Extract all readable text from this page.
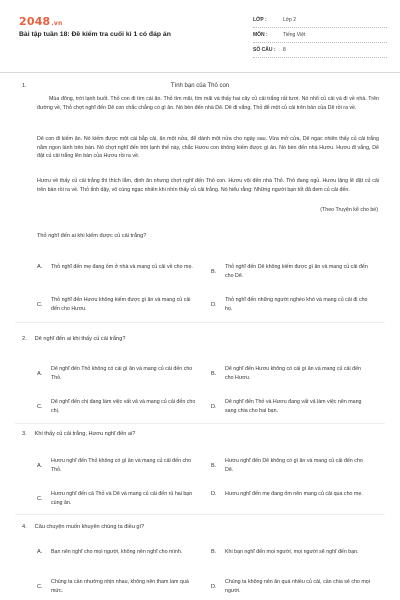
2048.vn
Bài tập tuần 18: Đề kiểm tra cuối kì 1 có đáp án
LỚP :	Lớp 2
MÔN :	Tiếng Việt
SỐ CÂU :	8
1.	Tình bạn của Thỏ con
Mùa đông, trời lạnh buốt. Thỏ con đi tìm cái ăn. Thỏ tìm mãi, tìm mãi và thấy hai cây củ cải trắng rất tươi. Nó nhổ củ cải và đi về nhà. Trên đường về, Thỏ chợt nghĩ đến Dê con chắc chẳng có gì ăn. Nó bèn đến nhà Dê. Dê đi vắng, Thỏ để một củ cải trên bàn của Dê rồi ra về.
Dê con đi kiếm ăn. Nó kiếm được một cái bắp cải, ăn một nửa, để dành một nửa cho ngày sau. Vừa mở cửa, Dê ngạc nhiên thấy củ cải trắng nằm ngon lành trên bàn. Nó chợt nghĩ đến trời lạnh thế này, chắc Hươu con không kiếm được gì ăn. Nó bèn đến nhà Hươu. Hươu đi vắng, Dê đặt củ cải trắng lên bàn của Hươu rồi ra về.
Hươu về thấy củ cải trắng thì thích lắm, định ăn nhưng chợt nghĩ đến Thỏ con. Hươu vội đến nhà Thỏ. Thỏ đang ngủ. Hươu lặng lẽ đặt củ cải trên bàn rồi ra về. Thỏ tỉnh dậy, vô cùng ngạc nhiên khi nhìn thấy củ cải trắng. Nó hiểu rằng: Những người bạn tốt đã đem củ cải đến.
(Theo Truyện kể cho bé)
Thỏ nghĩ đến ai khi kiếm được củ cải trắng?
A.	Thỏ nghĩ đến mẹ đang ốm ở nhà và mang củ cải về cho mẹ.
B.
Thỏ nghĩ đến Dê không kiếm được gì ăn và mang củ cải đến cho Dê.
C.
Thỏ nghĩ đến Hươu không kiếm được gì ăn và mang củ cải đến cho Hươu.
D.
Thỏ nghĩ đến những người nghèo khó và mang củ cải đi cho họ.
2. Dê nghĩ đến ai khi thấy củ cải trắng?
A.
Dê nghĩ đến Thỏ không có cái gì ăn và mang củ cải đến cho Thỏ.
B.
Dê nghĩ đến Hươu không có cái gì ăn và mang củ cải đến cho Hươu.
C.
Dê nghĩ đến chị đang làm việc vất vả và mang củ cải đến cho chị.
D.
Dê nghĩ đến Thỏ và Hươu đang vất vả làm việc nên mang sang chia cho hai bạn.
3. Khi thấy củ cải trắng, Hươu nghĩ đến ai?
A.
Hươu nghĩ đến Thỏ không có gì ăn và mang củ cải đến cho Thỏ.
B.
Hươu nghĩ đến Dê không có gì ăn và mang củ cải đến cho Dê.
C.
Hươu nghĩ đến cả Thỏ và Dê và mang củ cải đến rủ hai bạn cùng ăn.
D.	Hươu nghĩ đến mẹ đang ốm nên mang củ cải qua cho mẹ.
4. Câu chuyện muốn khuyên chúng ta điều gì?
A.	Bạn nên nghĩ cho mọi người, không nên nghĩ cho mình.	B.	Khi bạn nghĩ đến mọi người, mọi người sẽ nghĩ đến bạn.
C.
Chúng ta cần nhường nhịn nhau, không nên tham lam quá mức.
D.
Chúng ta không nên ăn quá nhiều củ cải, cần chia sẻ cho mọi người.
